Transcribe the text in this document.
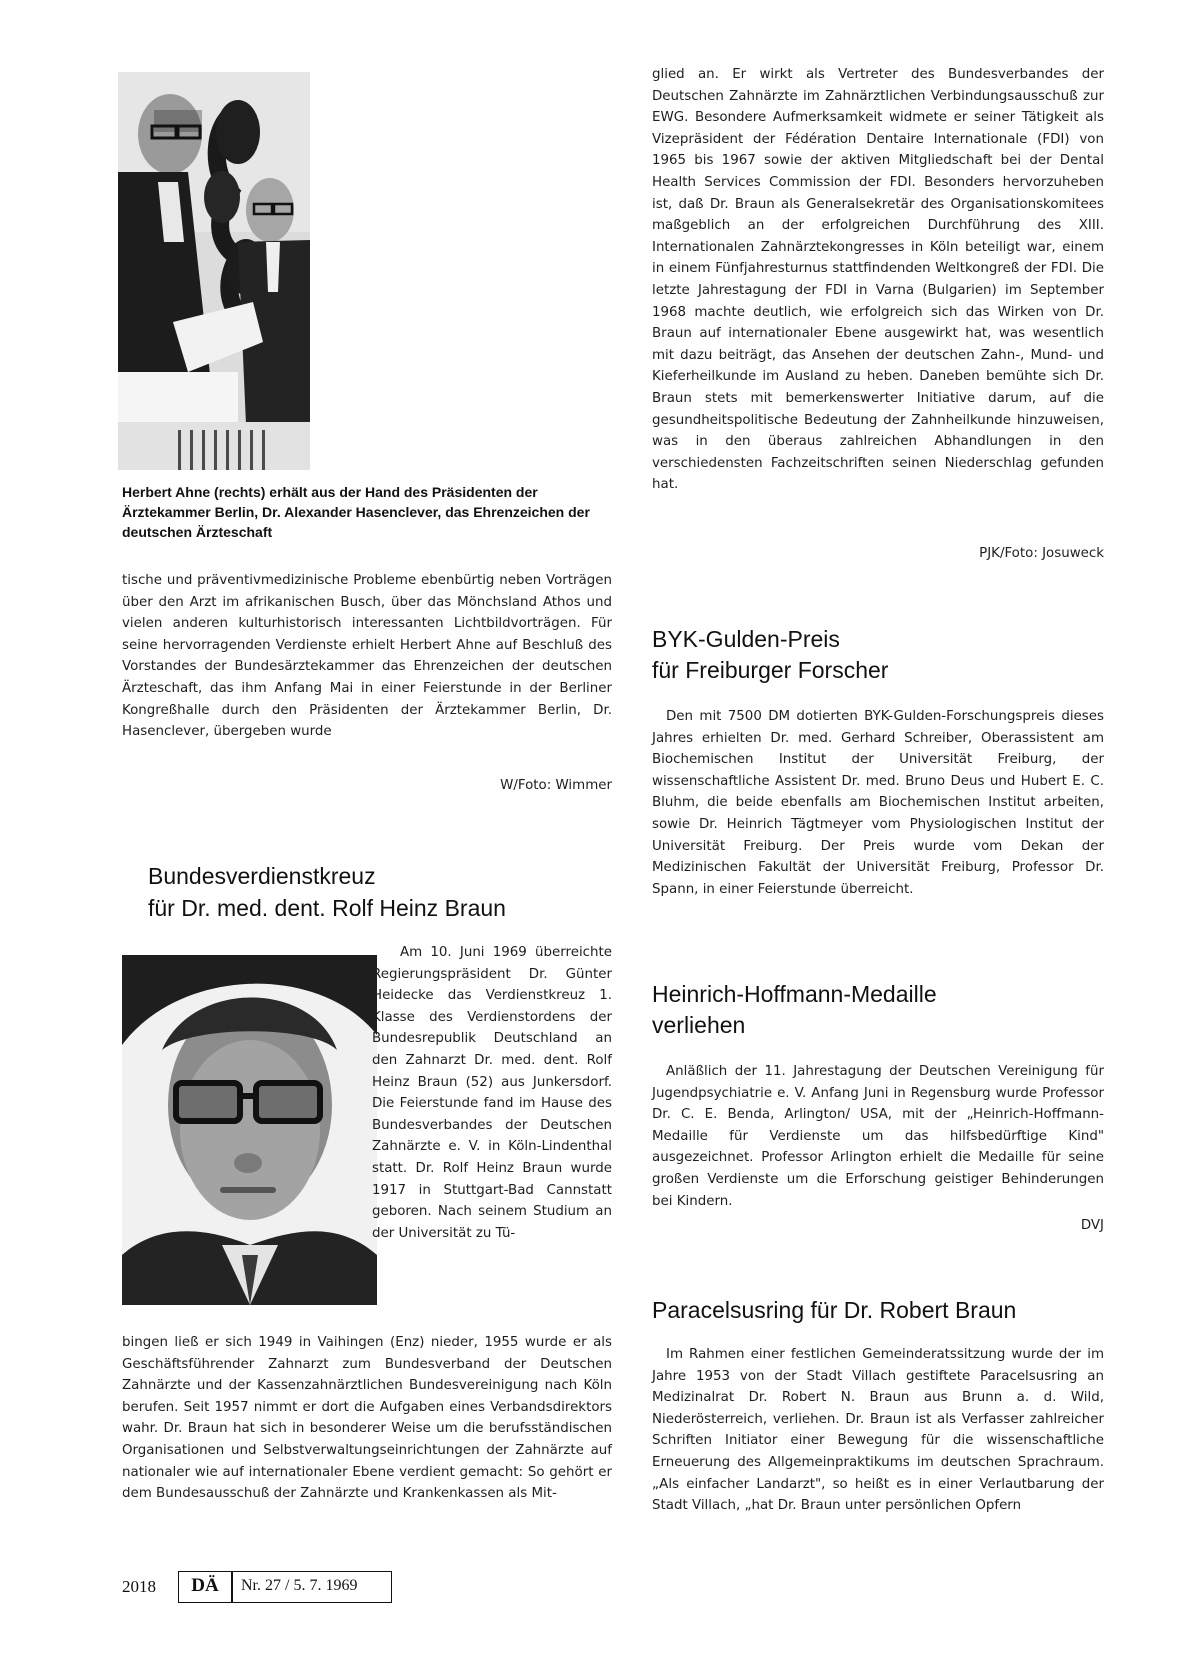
Herbert Ahne (rechts) erhält aus der Hand des Präsidenten der Ärztekammer Berlin, Dr. Alexander Hasenclever, das Ehrenzeichen der deutschen Ärzteschaft

tische und präventivmedizinische Probleme ebenbürtig neben Vorträgen über den Arzt im afrikanischen Busch, über das Mönchsland Athos und vielen anderen kulturhistorisch interessanten Lichtbildvorträgen. Für seine hervorragenden Verdienste erhielt Herbert Ahne auf Beschluß des Vorstandes der Bundesärztekammer das Ehrenzeichen der deutschen Ärzteschaft, das ihm Anfang Mai in einer Feierstunde in der Berliner Kongreßhalle durch den Präsidenten der Ärztekammer Berlin, Dr. Hasenclever, übergeben wurde

W/Foto: Wimmer

Bundesverdienstkreuz
für Dr. med. dent. Rolf Heinz Braun

Am 10. Juni 1969 überreichte Regierungspräsident Dr. Günter Heidecke das Verdienstkreuz 1. Klasse des Verdienstordens der Bundesrepublik Deutschland an den Zahnarzt Dr. med. dent. Rolf Heinz Braun (52) aus Junkersdorf. Die Feierstunde fand im Hause des Bundesverbandes der Deutschen Zahnärzte e. V. in Köln-Lindenthal statt. Dr. Rolf Heinz Braun wurde 1917 in Stuttgart-Bad Cannstatt geboren. Nach seinem Studium an der Universität zu Tü-

bingen ließ er sich 1949 in Vaihingen (Enz) nieder, 1955 wurde er als Geschäftsführender Zahnarzt zum Bundesverband der Deutschen Zahnärzte und der Kassenzahnärztlichen Bundesvereinigung nach Köln berufen. Seit 1957 nimmt er dort die Aufgaben eines Verbandsdirektors wahr. Dr. Braun hat sich in besonderer Weise um die berufsständischen Organisationen und Selbstverwaltungseinrichtungen der Zahnärzte auf nationaler wie auf internationaler Ebene verdient gemacht: So gehört er dem Bundesausschuß der Zahnärzte und Krankenkassen als Mit-

glied an. Er wirkt als Vertreter des Bundesverbandes der Deutschen Zahnärzte im Zahnärztlichen Verbindungsausschuß zur EWG. Besondere Aufmerksamkeit widmete er seiner Tätigkeit als Vizepräsident der Fédération Dentaire Internationale (FDI) von 1965 bis 1967 sowie der aktiven Mitgliedschaft bei der Dental Health Services Commission der FDI. Besonders hervorzuheben ist, daß Dr. Braun als Generalsekretär des Organisationskomitees maßgeblich an der erfolgreichen Durchführung des XIII. Internationalen Zahnärztekongresses in Köln beteiligt war, einem in einem Fünfjahresturnus stattfindenden Weltkongreß der FDI. Die letzte Jahrestagung der FDI in Varna (Bulgarien) im September 1968 machte deutlich, wie erfolgreich sich das Wirken von Dr. Braun auf internationaler Ebene ausgewirkt hat, was wesentlich mit dazu beiträgt, das Ansehen der deutschen Zahn-, Mund- und Kieferheilkunde im Ausland zu heben. Daneben bemühte sich Dr. Braun stets mit bemerkenswerter Initiative darum, auf die gesundheitspolitische Bedeutung der Zahnheilkunde hinzuweisen, was in den überaus zahlreichen Abhandlungen in den verschiedensten Fachzeitschriften seinen Niederschlag gefunden hat.

PJK/Foto: Josuweck

BYK-Gulden-Preis
für Freiburger Forscher

Den mit 7500 DM dotierten BYK-Gulden-Forschungspreis dieses Jahres erhielten Dr. med. Gerhard Schreiber, Oberassistent am Biochemischen Institut der Universität Freiburg, der wissenschaftliche Assistent Dr. med. Bruno Deus und Hubert E. C. Bluhm, die beide ebenfalls am Biochemischen Institut arbeiten, sowie Dr. Heinrich Tägtmeyer vom Physiologischen Institut der Universität Freiburg. Der Preis wurde vom Dekan der Medizinischen Fakultät der Universität Freiburg, Professor Dr. Spann, in einer Feierstunde überreicht.

Heinrich-Hoffmann-Medaille
verliehen

Anläßlich der 11. Jahrestagung der Deutschen Vereinigung für Jugendpsychiatrie e. V. Anfang Juni in Regensburg wurde Professor Dr. C. E. Benda, Arlington/ USA, mit der „Heinrich-Hoffmann-Medaille für Verdienste um das hilfsbedürftige Kind" ausgezeichnet. Professor Arlington erhielt die Medaille für seine großen Verdienste um die Erforschung geistiger Behinderungen bei Kindern.

DVJ

Paracelsusring für Dr. Robert Braun

Im Rahmen einer festlichen Gemeinderatssitzung wurde der im Jahre 1953 von der Stadt Villach gestiftete Paracelsusring an Medizinalrat Dr. Robert N. Braun aus Brunn a. d. Wild, Niederösterreich, verliehen. Dr. Braun ist als Verfasser zahlreicher Schriften Initiator einer Bewegung für die wissenschaftliche Erneuerung des Allgemeinpraktikums im deutschen Sprachraum. „Als einfacher Landarzt", so heißt es in einer Verlautbarung der Stadt Villach, „hat Dr. Braun unter persönlichen Opfern

2018	DÄ	Nr. 27 / 5. 7. 1969
